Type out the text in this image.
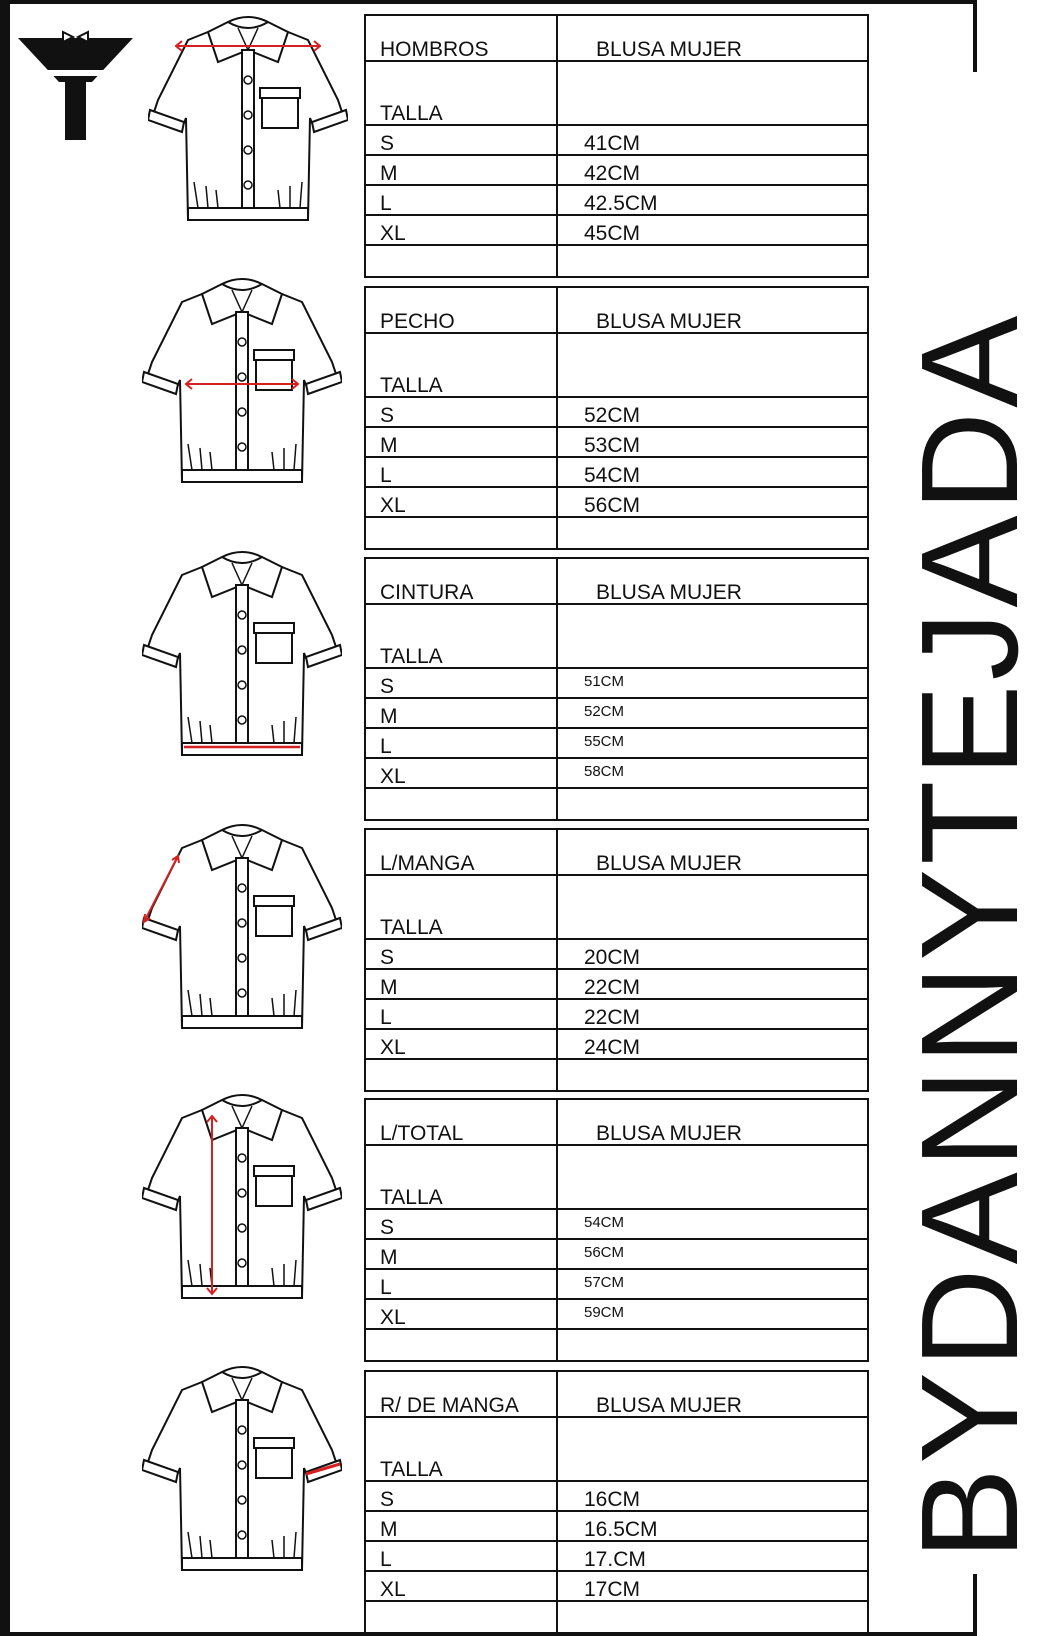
BYDANNYTEJADA
HOMBROS	BLUSA MUJER
TALLA
S	41CM
M	42CM
L	42.5CM
XL	45CM
PECHO	BLUSA MUJER
TALLA
S	52CM
M	53CM
L	54CM
XL	56CM
CINTURA	BLUSA MUJER
TALLA
S	51CM
M	52CM
L	55CM
XL	58CM
L/MANGA	BLUSA MUJER
TALLA
S	20CM
M	22CM
L	22CM
XL	24CM
L/TOTAL	BLUSA MUJER
TALLA
S	54CM
M	56CM
L	57CM
XL	59CM
R/ DE MANGA	BLUSA MUJER
TALLA
S	16CM
M	16.5CM
L	17.CM
XL	17CM
